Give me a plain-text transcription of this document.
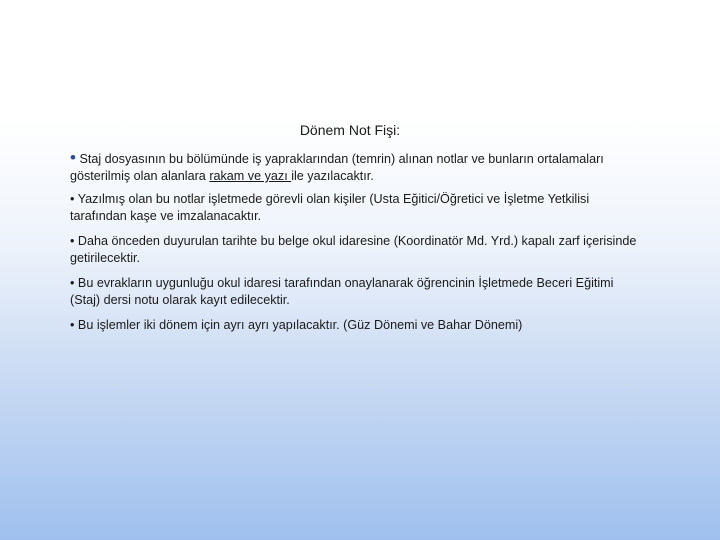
Dönem Not Fişi:

• Staj dosyasının bu bölümünde iş yapraklarından (temrin) alınan notlar ve bunların ortalamaları gösterilmiş olan alanlara rakam ve yazı ile yazılacaktır.

• Yazılmış olan bu notlar işletmede görevli olan kişiler (Usta Eğitici/Öğretici ve İşletme Yetkilisi tarafından kaşe ve imzalanacaktır.

• Daha önceden duyurulan tarihte bu belge okul idaresine (Koordinatör Md. Yrd.) kapalı zarf içerisinde getirilecektir.

• Bu evrakların uygunluğu okul idaresi tarafından onaylanarak öğrencinin İşletmede Beceri Eğitimi (Staj) dersi notu olarak kayıt edilecektir.

• Bu işlemler iki dönem için ayrı ayrı yapılacaktır. (Güz Dönemi ve Bahar Dönemi)
